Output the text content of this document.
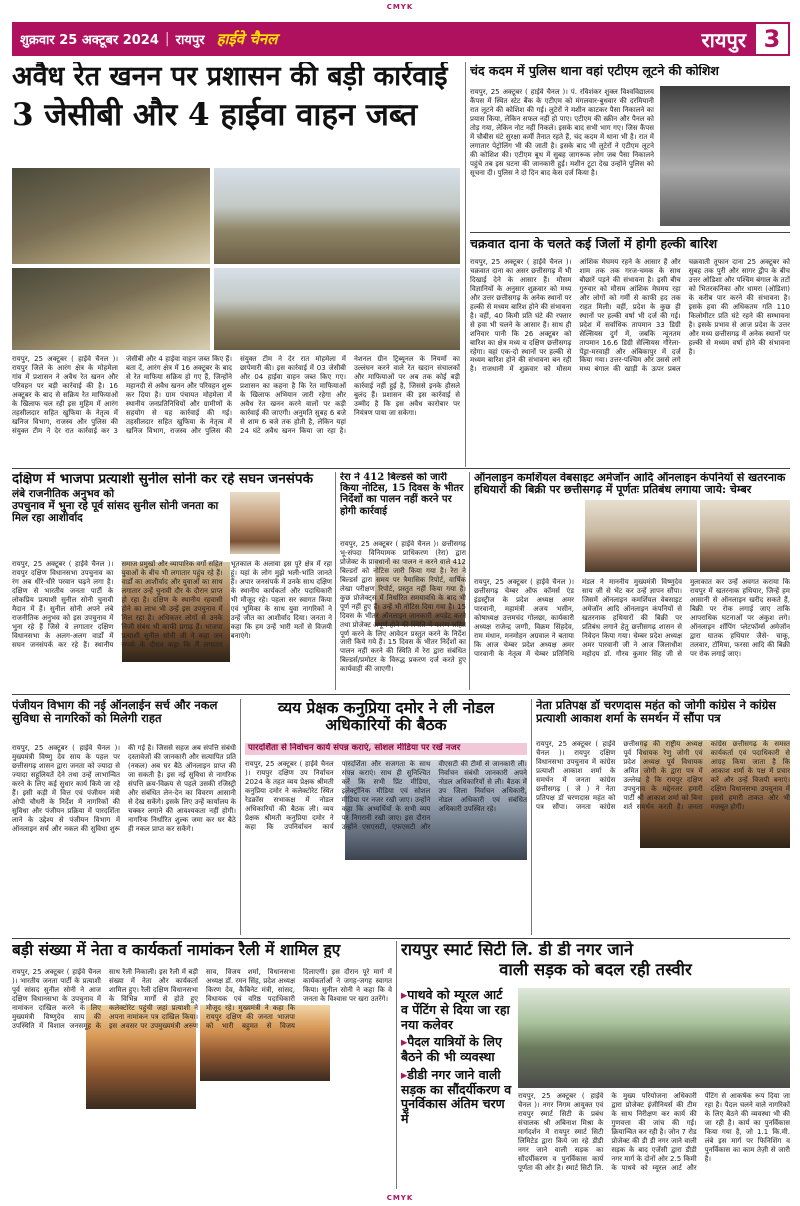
CMYK
शुक्रवार 25 अक्टूबर 2024 | रायपुर हाईवे चैनल	रायपुर 3
अवैध रेत खनन पर प्रशासन की बड़ी कार्रवाई
3 जेसीबी और 4 हाईवा वाहन जब्त
रायपुर, 25 अक्टूबर ( हाईवे चैनल )। रायपुर जिले के आरंग क्षेत्र के मोहमेला गांव में प्रशासन ने अवैध रेत खनन और परिवहन पर बड़ी कार्रवाई की है। 16 अक्टूबर के बाद से सक्रिय रेत माफियाओं के खिलाफ चल रही इस मुहिम में आरंग तहसीलदार सहित खुफिया के नेतृत्व में खनिज विभाग, राजस्व और पुलिस की संयुक्त टीम ने देर रात कार्रवाई कर 3 जेसीबी और 4 हाईवा वाहन जब्त किए हैं। बता दें, आरंग क्षेत्र में 16 अक्टूबर के बाद से रेत माफिया सक्रिय हो गए हैं, जिन्होंने महानदी से अवैध खनन और परिवहन शुरू कर दिया है। ग्राम पंचायत मोहमेला में स्थानीय जनप्रतिनिधियों और ग्रामीणों के सहयोग से यह कार्रवाई की गई। तहसीलदार सहित खुफिया के नेतृत्व में खनिज विभाग, राजस्व और पुलिस की संयुक्त टीम ने देर रात मोहमेला में छापेमारी की। इस कार्रवाई में 03 जेसीबी और 04 हाईवा वाहन जब्त किए गए। प्रशासन का कहना है कि रेत माफियाओं के खिलाफ अभियान जारी रहेगा और अवैध रेत खनन करने वालों पर कड़ी कार्रवाई की जाएगी। अनुमति सुबह 6 बजे से शाम 6 बजे तक होती है, लेकिन यहां 24 घंटे अवैध खनन किया जा रहा है। नेशनल ग्रीन ट्रिब्यूनल के नियमों का उल्लंघन करने वाले रेत खदान संचालकों और माफियाओं पर अब तक कोई बड़ी कार्रवाई नहीं हुई है, जिससे इनके हौसले बुलंद हैं। प्रशासन की इस कार्रवाई से उम्मीद है कि इस अवैध कारोबार पर नियंत्रण पाया जा सकेगा।
चंद कदम में पुलिस थाना वहां एटीएम लूटने की कोशिश
रायपुर, 25 अक्टूबर ( हाईवे चैनल )। पं. रविशंकर शुक्ल विश्वविद्यालय कैंपस में स्थित स्टेट बैंक के एटीएम को मंगलवार-बुधवार की दरमियानी रात लूटने की कोशिश की गई। लुटेरों ने मशीन काटकर पैसा निकालने का प्रयास किया, लेकिन सफल नहीं हो पाए। एटीएम की स्क्रीन और पैनल को तोड़ गया, लेकिन नोट नहीं निकले। इसके बाद सभी भाग गए। जिस कैंपस में चौबीस घंटे सुरक्षा कर्मी तैनात रहते हैं, चंद कदम में थाना भी है। रात में लगातार पेट्रोलिंग भी की जाती है। इसके बाद भी लुटेरों ने एटीएम लूटने की कोशिश की। एटीएम बूथ में सुबह जागरूक लोग जब पैसा निकालने पहुंचे तब इस घटना की जानकारी हुई। मशीन टूटा देख उन्होंने पुलिस को सूचना दी। पुलिस ने दो दिन बाद केस दर्ज किया है।
चक्रवात दाना के चलते कई जिलों में होगी हल्की बारिश
रायपुर, 25 अक्टूबर ( हाईवे चैनल )। चक्रवात दाना का असर छत्तीसगढ़ में भी दिखाई देने के आसार हैं। मौसम विज्ञानियों के अनुसार शुक्रवार को मध्य और उत्तर छत्तीसगढ़ के अनेक स्थानों पर हल्की से मध्यम बारिश होने की संभावना है। वहीं, 40 किमी प्रति घंटे की रफ्तार से हवा भी चलने के आसार हैं। साथ ही शनिवार पानी कि 26 अक्टूबर को बारिश का क्षेत्र मध्य व दक्षिण छत्तीसगढ़ रहेगा। वहां एक-दो स्थानों पर हल्की से मध्यम बारिश होने की संभावना बन रही है। राजधानी में शुक्रवार को मौसम आंशिक मेघमय रहने के आसार हैं और शाम तक तक गरज-चमक के साथ बौछारें पड़ने की संभावना है। इसी बीच गुरुवार को मौसम आंशिक मेघमय रहा और लोगों को गर्मी से काफी हद तक राहत मिली। वहीं, प्रदेश के कुछ ही स्थानों पर हल्की वर्षा भी दर्ज की गई। प्रदेश में सर्वाधिक तापमान 33 डिग्री सेल्सियस दुर्ग में, जबकि न्यूनतम तापमान 16.6 डिग्री सेल्सियस गौरेला-पेंड्रा-मरवाही और अंबिकापुर में दर्ज किया गया। उत्तर-पश्चिम और उससे लगे मध्य बंगाल की खाड़ी के ऊपर प्रबल चक्रवाती तूफान दाना 25 अक्टूबर को सुबह तक पुरी और सागर द्वीप के बीच उत्तर ओडिशा और पश्चिम बंगाल के तटों को भितरकनिका और धामरा (ओडिशा) के करीब पार करने की संभावना है। इसके हवा की अधिकतम गति 110 किलोमीटर प्रति घंटे रहने की सम्भावना है। इसके प्रभाव से आज प्रदेश के उत्तर और मध्य छत्तीसगढ़ में अनेक स्थानों पर हल्की से मध्यम वर्षा होने की संभावना है।
दक्षिण में भाजपा प्रत्याशी सुनील सोनी कर रहे सघन जनसंपर्क
लंबे राजनीतिक अनुभव को
उपचुनाव में भुना रहे पूर्व सांसद सुनील सोनी जनता का मिल रहा आशीर्वाद
रायपुर, 25 अक्टूबर ( हाईवे चैनल )। रायपुर दक्षिण विधानसभा उपचुनाव का रंग अब धीरे-धीरे परवान चढ़ने लगा है। दक्षिण से भारतीय जनता पार्टी के लोकप्रिय प्रत्याशी सुनील सोनी चुनावी मैदान में हैं। सुनील सोनी अपने लंबे राजनीतिक अनुभव को इस उपचुनाव में भुना रहे हैं जिसे वे लगातार दक्षिण विधानसभा के अलग-अलग वार्डों में सघन जनसंपर्क कर रहे हैं। स्थानीय समाज प्रमुखों और व्यापारिक वर्गों सहित युवाओं के बीच भी लगातार पहुंच रहे हैं। वार्डों का आशीर्वाद और युवाओं का साथ लगातार उन्हें चुनावी दौर के दौरान प्राप्त हो रहा है। दक्षिण के स्थानीय रहवासी होने का लाभ भी उन्हें इस उपचुनाव में मिल रहा है। अधिकतर लोगों से उनके निजी संबंध भी काफी प्रगाढ़ हैं। भाजपा प्रत्याशी सुनील सोनी जी ने कहा जन संपर्क के दौरान कहा कि मैं लगातार भूतकाल के अलावा इस पूरे क्षेत्र में रहा हूं। यहां के लोग मुझे भली-भांति जानते हैं। अपार जनसंपर्क में उनके साथ दक्षिण के स्थानीय कार्यकर्ता और पदाधिकारी भी मौजूद रहे। पहला सर स्वागत किया एवं भूमिका के साथ युवा नागरिकों ने उन्हें जीत का आशीर्वाद दिया। जनता ने कहा कि हम उन्हें भारी मतों से विजयी बनाएंगे।
रेरा ने 412 बिल्डर्स को जारी किया नोटिस, 15 दिवस के भीतर निर्देशों का पालन नहीं करने पर होगी कार्रवाई
रायपुर, 25 अक्टूबर ( हाईवे चैनल )। छत्तीसगढ़ भू-संपदा विनियामक प्राधिकरण (रेरा) द्वारा प्रोजेक्ट के प्रावधानों का पालन न करने वाले 412 बिल्डरों को नोटिस जारी किया गया है। रेरा ने बिल्डर्स द्वारा समय पर त्रैमासिक रिपोर्ट, वार्षिक लेखा परीक्षण रिपोर्ट, प्रस्तुत नहीं किया गया है। कुछ प्रोजेक्ट्स में निर्धारित समयावधि के बाद भी पूर्ण नहीं हुए हैं। उन्हें भी नोटिस दिया गया है। 15 दिवस के भीतर ऑनलाइन जानकारी अपडेट करने तथा प्रोजेक्ट अपूर्ण होने की स्थिति में कारण सहित पूर्ण करने के लिए आवेदन प्रस्तुत करने के निर्देश जारी किये गये हैं। 15 दिवस के भीतर निर्देशों का पालन नहीं करने की स्थिति में रेरा द्वारा संबंधित बिल्डर्स/प्रमोटर के विरुद्ध प्रकरण दर्ज करते हुए कार्यवाही की जाएगी।
ऑनलाइन कमर्शियल वेबसाइट अमेजॉन आदि ऑनलाइन कंपनियों से खतरनाक हथियारों की बिक्री पर छत्तीसगढ़ में पूर्णतः प्रतिबंध लगाया जाये: चेम्बर
रायपुर, 25 अक्टूबर ( हाईवे चैनल )। छत्तीसगढ़ चेम्बर ऑफ कॉमर्स एंड इंडस्ट्रीज के प्रदेश अध्यक्ष अमर पारवानी, महामंत्री अजय भसीन, कोषाध्यक्ष उत्तमचंद गोलछा, कार्यकारी अध्यक्ष राजेन्द्र जग्गी, विक्रम सिंहदेव, राम मंधान, मनमोहन अग्रवाल ने बताया कि आज चेम्बर प्रदेश अध्यक्ष अमर पारवानी के नेतृत्व में चेम्बर प्रतिनिधि मंडल ने माननीय मुख्यमंत्री विष्णुदेव साय जी से भेंट कर उन्हें ज्ञापन सौंपा। जिसमें ऑनलाइन कमर्शियल वेबसाइट अमेजॉन आदि ऑनलाइन कंपनियों से खतरनाक हथियारों की बिक्री पर प्रतिबंध लगाने हेतु छत्तीसगढ़ शासन से निवेदन किया गया। चेम्बर प्रदेश अध्यक्ष अमर पारवानी जी ने आज जिलाधीश महोदय डॉ. गौरव कुमार सिंह जी से मुलाकात कर उन्हें अवगत कराया कि रायपुर में खतरनाक हथियार, जिन्हें हम आसानी से ऑनलाइन खरीद सकते हैं, बिक्री पर रोक लगाई जाए ताकि आपराधिक घटनाओं पर अंकुश लगे। ऑनलाइन शॉपिंग प्लेटफॉर्म्स अमेजॉन द्वारा घातक हथियार जैसे- चाकू, तलवार, टॉमिया, फरसा आदि की बिक्री पर रोक लगाई जाए।
पंजीयन विभाग की नई ऑनलाईन सर्च और नकल सुविधा से नागरिकों को मिलेगी राहत
रायपुर, 25 अक्टूबर ( हाईवे चैनल )। मुख्यमंत्री विष्णु देव साय के पहल पर छत्तीसगढ़ शासन द्वारा जनता को ज्यादा से ज्यादा सहूलियतें देने तथा उन्हें लाभान्वित करने के लिए कई सुधार कार्य किये जा रहे हैं। इसी कड़ी में वित्त एवं पंजीयन मंत्री ओपी चौधरी के निर्देश में नागरिकों की सुविधा और पंजीयन प्रक्रिया में पारदर्शिता लाने के उद्देश्य से पंजीयन विभाग में ऑनलाइन सर्च और नकल की सुविधा शुरू की गई है। जिससे सहज अब संपत्ति संबंधी दस्तावेजों की जानकारी और सत्यापित प्रति (नकल) अब घर बैठे ऑनलाइन प्राप्त की जा सकती है। इस नई सुविधा से नागरिक संपत्ति क्रय-विक्रय से पहले उसकी रजिस्ट्री और संबंधित लेन-देन का विवरण आसानी से देख सकेंगे। इसके लिए उन्हें कार्यालय के चक्कर लगाने की आवश्यकता नहीं होगी। नागरिक निर्धारित शुल्क जमा कर घर बैठे ही नकल प्राप्त कर सकेंगे।
व्यय प्रेक्षक कनुप्रिया दमोर ने ली नोडल अधिकारियों की बैठक
पारदर्शिता से निर्वाचन कार्य संपन्न कराएं, सोशल मीडिया पर रखें नजर
रायपुर, 25 अक्टूबर ( हाईवे चैनल )। रायपुर दक्षिण उप निर्वाचन 2024 के तहत व्यय प्रेक्षक श्रीमती कनुप्रिया दमोर ने कलेक्टोरेट स्थित रेडक्रॉस सभाकक्ष में नोडल अधिकारियों की बैठक ली। व्यय प्रेक्षक श्रीमती कनुप्रिया दमोर ने कहा कि उपनिर्वाचन कार्य पारदर्शिता और सजगता के साथ संपन्न कराएं। साथ ही सुनिश्चित करें कि सभी प्रिंट मीडिया, इलेक्ट्रॉनिक मीडिया एवं सोशल मीडिया पर नजर रखी जाए। उन्होंने कहा कि अभ्यर्थियों के सभी व्यय पर निगरानी रखी जाए। इस दौरान उन्होंने एसएसटी, एफएसटी और वीएसटी की टीमों से जानकारी ली। निर्वाचन संबंधी जानकारी अपने नोडल अधिकारियों से ली। बैठक में उप जिला निर्वाचन अधिकारी, नोडल अधिकारी एवं संबंधित अधिकारी उपस्थित रहे।
नेता प्रतिपक्ष डॉ चरणदास महंत को जोगी कांग्रेस ने कांग्रेस प्रत्याशी आकाश शर्मा के समर्थन में सौंपा पत्र
रायपुर, 25 अक्टूबर ( हाईवे चैनल )। रायपुर दक्षिण विधानसभा उपचुनाव में कांग्रेस प्रत्याशी आकाश शर्मा के समर्थन में जनता कांग्रेस छत्तीसगढ़ ( जे ) ने नेता प्रतिपक्ष डॉ चरणदास महंत को पत्र सौंपा। जनता कांग्रेस छत्तीसगढ़ की राष्ट्रीय अध्यक्ष पूर्व विधायक रेणु जोगी एवं प्रदेश अध्यक्ष पूर्व विधायक अमित जोगी के द्वारा पत्र में उल्लेख है कि रायपुर दक्षिण उपचुनाव के मद्देनजर हमारी पार्टी श्री आकाश शर्मा को बिना शर्त समर्थन करती है। जनता कांग्रेस छत्तीसगढ़ के समस्त कार्यकर्ता एवं पदाधिकारी से आग्रह किया जाता है कि आकाश शर्मा के पक्ष में प्रचार करें और उन्हें विजयी बनाएं। दक्षिण विधानसभा उपचुनाव में इससे हमारी ताकत और भी मजबूत होगी।
बड़ी संख्या में नेता व कार्यकर्ता नामांकन रैली में शामिल हुए
रायपुर, 25 अक्टूबर ( हाईवे चैनल )। भारतीय जनता पार्टी के प्रत्याशी पूर्व सांसद सुनील सोनी ने आज दक्षिण विधानसभा के उपचुनाव में नामांकन दाखिल करने के लिए मुख्यमंत्री विष्णुदेव साय की उपस्थिति में विशाल जनसमूह के साथ रैली निकाली। इस रैली में बड़ी संख्या में नेता और कार्यकर्ता शामिल हुए। रैली दक्षिण विधानसभा के विभिन्न मार्गों से होते हुए कलेक्टोरेट पहुंची जहां प्रत्याशी ने अपना नामांकन पत्र दाखिल किया। इस अवसर पर उपमुख्यमंत्री अरुण साव, विजय शर्मा, विधानसभा अध्यक्ष डॉ. रमन सिंह, प्रदेश अध्यक्ष किरण देव, कैबिनेट मंत्री, सांसद, विधायक एवं वरिष्ठ पदाधिकारी मौजूद रहे। मुख्यमंत्री ने कहा कि रायपुर दक्षिण की जनता भाजपा को भारी बहुमत से विजय दिलाएगी। इस दौरान पूरे मार्ग में कार्यकर्ताओं ने जगह-जगह स्वागत किया। सुनील सोनी ने कहा कि वे जनता के विश्वास पर खरा उतरेंगे।
रायपुर स्मार्ट सिटी लि. डी डी नगर जाने
वाली सड़क को बदल रही तस्वीर

▸ पाथवे को म्यूरल आर्ट व पेंटिंग से दिया जा रहा नया कलेवर

▸ पैदल यात्रियों के लिए बैठने की भी व्यवस्था

▸ डीडी नगर जाने वाली सड़क का सौंदर्यीकरण व पुनर्विकास अंतिम चरण में

रायपुर, 25 अक्टूबर ( हाईवे चैनल )। नगर निगम आयुक्त एवं रायपुर स्मार्ट सिटी के प्रबंध संचालक श्री अबिनाश मिश्रा के मार्गदर्शन में रायपुर स्मार्ट सिटी लिमिटेड द्वारा किये जा रहे डीडी नगर जाने वाली सड़क का सौंदर्यीकरण व पुनर्विकास कार्य पूर्णता की ओर है। स्मार्ट सिटी लि. के मुख्य परियोजना अधिकारी द्वारा प्रोजेक्ट इंजीनियर्स की टीम के साथ निरीक्षण कर कार्य की गुणवत्ता की जांच की गई। क्रियान्वित कर रही है। जोन 7 रोड प्रोजेक्ट की डी डी नगर जाने वाली सड़क के बाद एजेंसी द्वारा डीडी नगर मार्ग के दोनों ओर 2.5 किमी के पाथवे को म्यूरल आर्ट और पेंटिंग से आकर्षक रूप दिया जा रहा है। पैदल चलने वाले नागरिकों के लिए बैठने की व्यवस्था भी की जा रही है। कार्य का पुनर्विकास किया गया है, जो 1.1 कि.मी. लंबे इस मार्ग पर फिनिशिंग व पुनर्विकास का काम तेज़ी से जारी है।
CMYK
